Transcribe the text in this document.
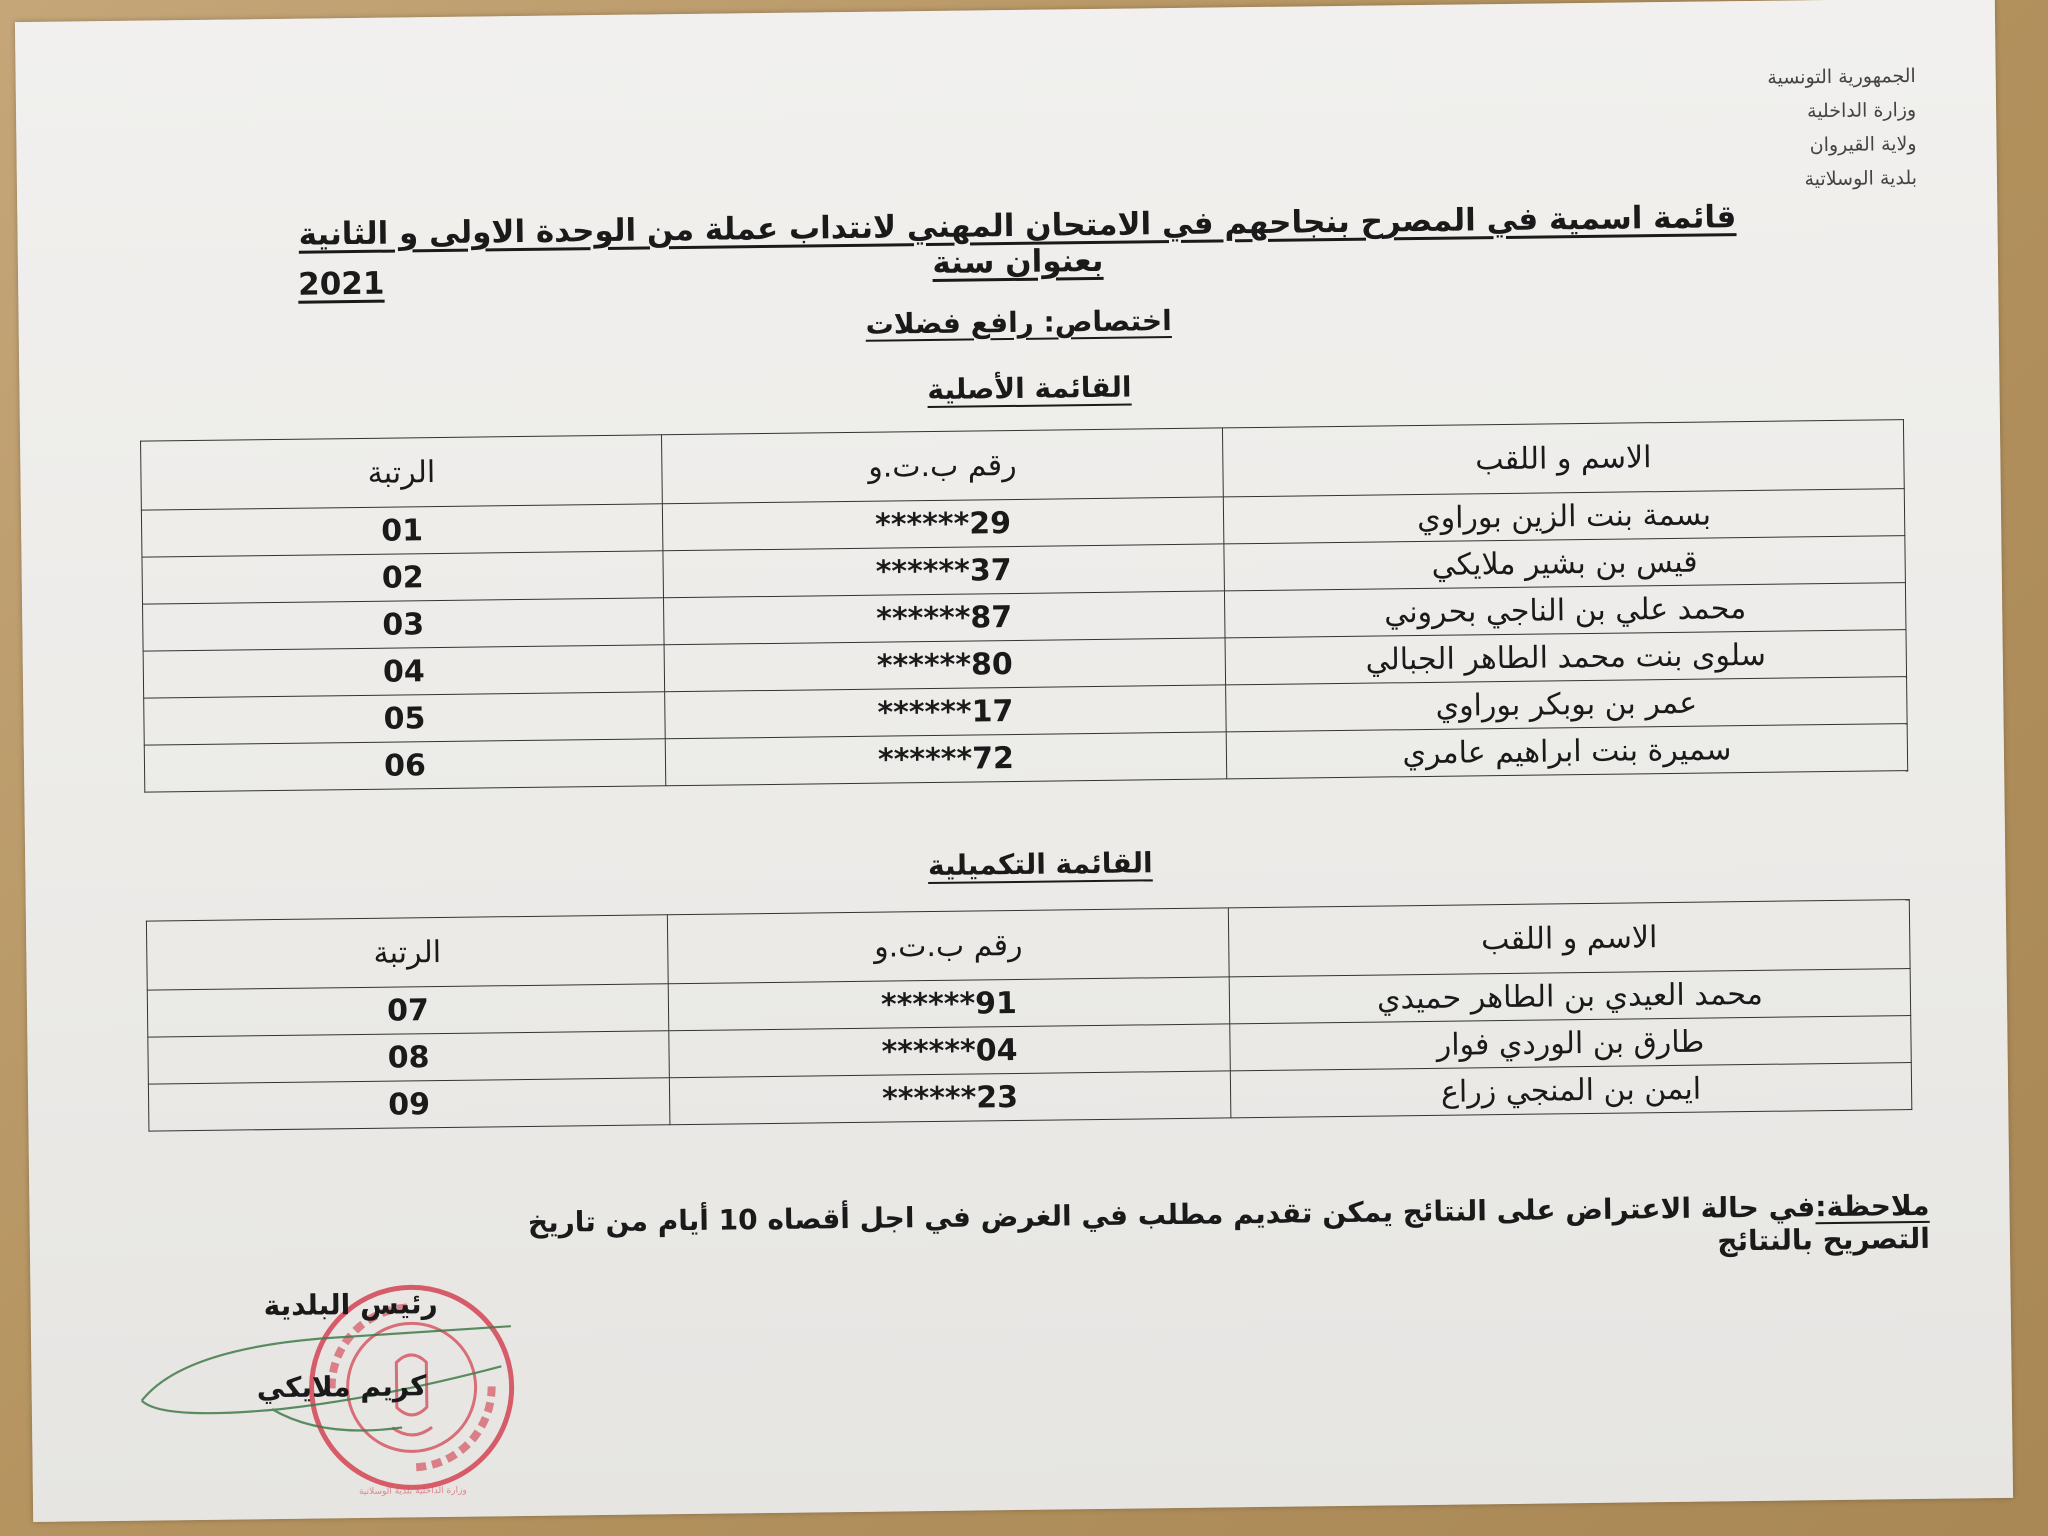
الجمهورية التونسية
وزارة الداخلية
ولاية القيروان
بلدية الوسلاتية
قائمة اسمية في المصرح بنجاحهم في الامتحان المهني لانتداب عملة من الوحدة الاولى و الثانية بعنوان سنة
2021
اختصاص: رافع فضلات
القائمة الأصلية
الاسم و اللقب	رقم ب.ت.و	الرتبة
بسمة بنت الزين بوراوي	******29	01
قيس بن بشير ملايكي	******37	02
محمد علي بن الناجي بحروني	******87	03
سلوى بنت محمد الطاهر الجبالي	******80	04
عمر بن بوبكر بوراوي	******17	05
سميرة بنت ابراهيم عامري	******72	06
القائمة التكميلية
الاسم و اللقب	رقم ب.ت.و	الرتبة
محمد العيدي بن الطاهر حميدي	******91	07
طارق بن الوردي فوار	******04	08
ايمن بن المنجي زراع	******23	09
ملاحظة:في حالة الاعتراض على النتائج يمكن تقديم مطلب في الغرض في اجل أقصاه 10 أيام من تاريخ التصريح بالنتائج
وزارة الداخلية بلدية الوسلاتية
رئيس البلدية
كريم ملايكي
